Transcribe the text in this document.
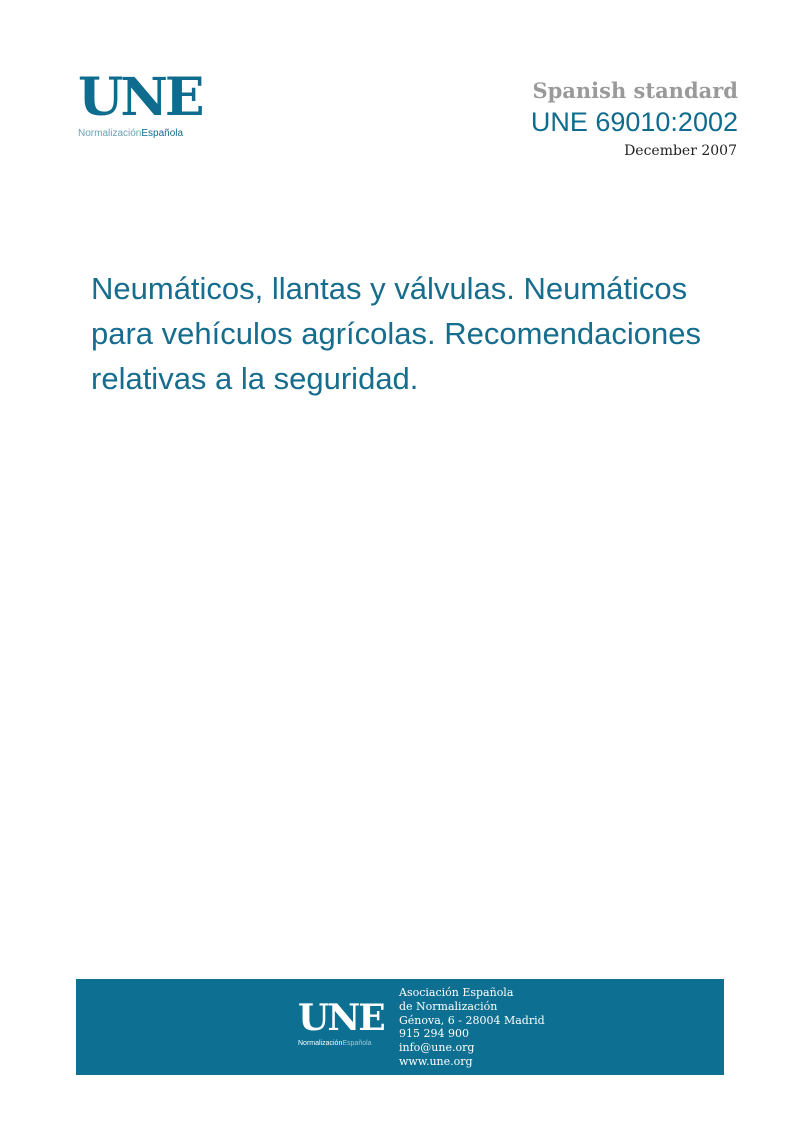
UNE
NormalizaciónEspañola
Spanish standard
UNE 69010:2002
December 2007
Neumáticos, llantas y válvulas. Neumáticos para vehículos agrícolas. Recomendaciones relativas a la seguridad.
UNE
NormalizaciónEspañola
Asociación Española
de Normalización
Génova, 6 - 28004 Madrid
915 294 900
info@une.org
www.une.org
